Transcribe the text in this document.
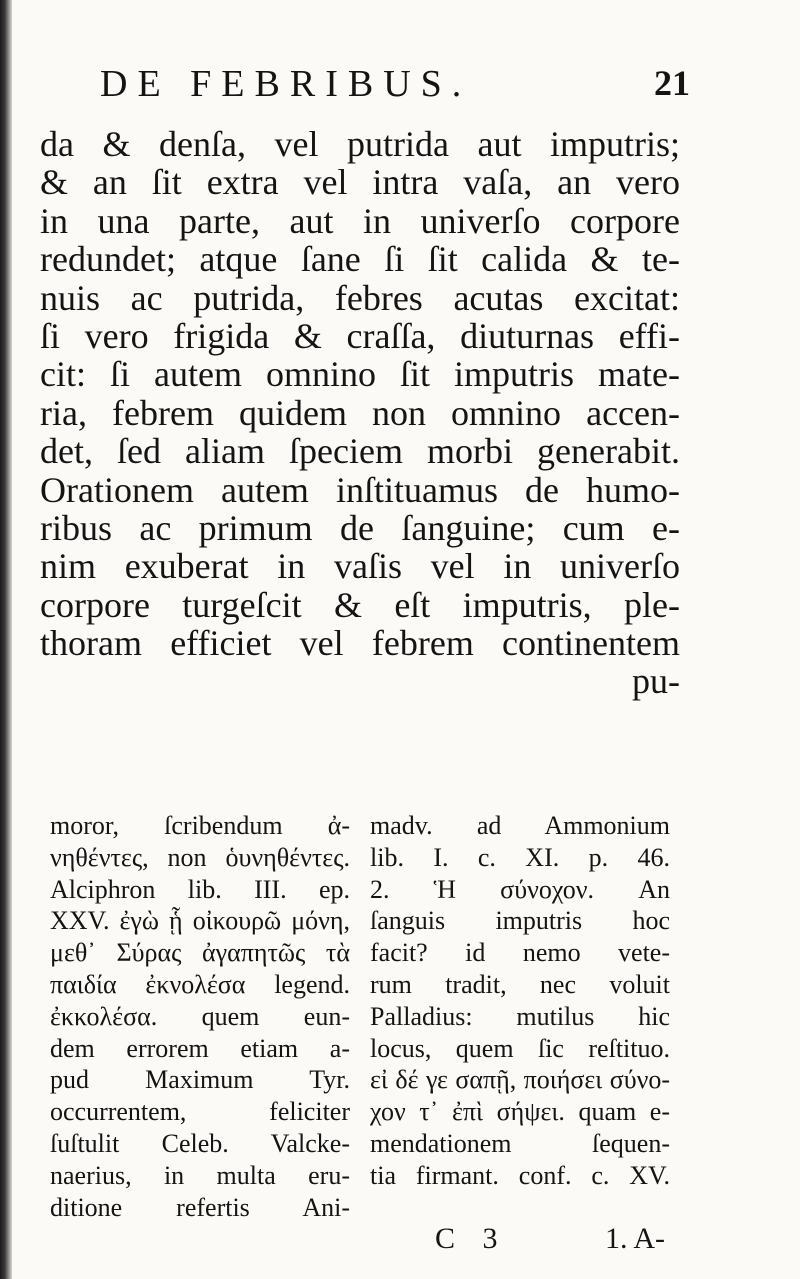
DE FEBRIBUS.	21
da & denſa, vel putrida aut imputris;
& an ſit extra vel intra vaſa, an vero
in una parte, aut in univerſo corpore
redundet; atque ſane ſi ſit calida & te-
nuis ac putrida, febres acutas excitat:
ſi vero frigida & craſſa, diuturnas effi-
cit: ſi autem omnino ſit imputris mate-
ria, febrem quidem non omnino accen-
det, ſed aliam ſpeciem morbi generabit.
Orationem autem inſtituamus de humo-
ribus ac primum de ſanguine; cum e-
nim exuberat in vaſis vel in univerſo
corpore turgeſcit & eſt imputris, ple-
thoram efficiet vel febrem continentem
pu-
moror, ſcribendum ἀ-
νηθέντες, non ὁυνηθέντες.
Alciphron lib. III. ep.
XXV. ἐγὼ ᾗ οἰκουρῶ μόνη,
μεθ᾽ Σύρας ἀγαπητῶς τὰ
παιδία ἐκνολέσα legend.
ἐκκολέσα. quem eun-
dem errorem etiam a-
pud Maximum Tyr.
occurrentem, feliciter
ſuſtulit Celeb. Valcke-
naerius, in multa eru-
ditione refertis Ani-
madv. ad Ammonium
lib. I. c. XI. p. 46.
2. Ἡ σύνοχον. An
ſanguis imputris hoc
facit? id nemo vete-
rum tradit, nec voluit
Palladius: mutilus hic
locus, quem ſic reſtituo.
εἰ δέ γε σαπῇ, ποιήσει σύνο-
χον τ᾽ ἐπὶ σήψει. quam e-
mendationem ſequen-
tia firmant. conf. c. XV.
C 3	1. A-
